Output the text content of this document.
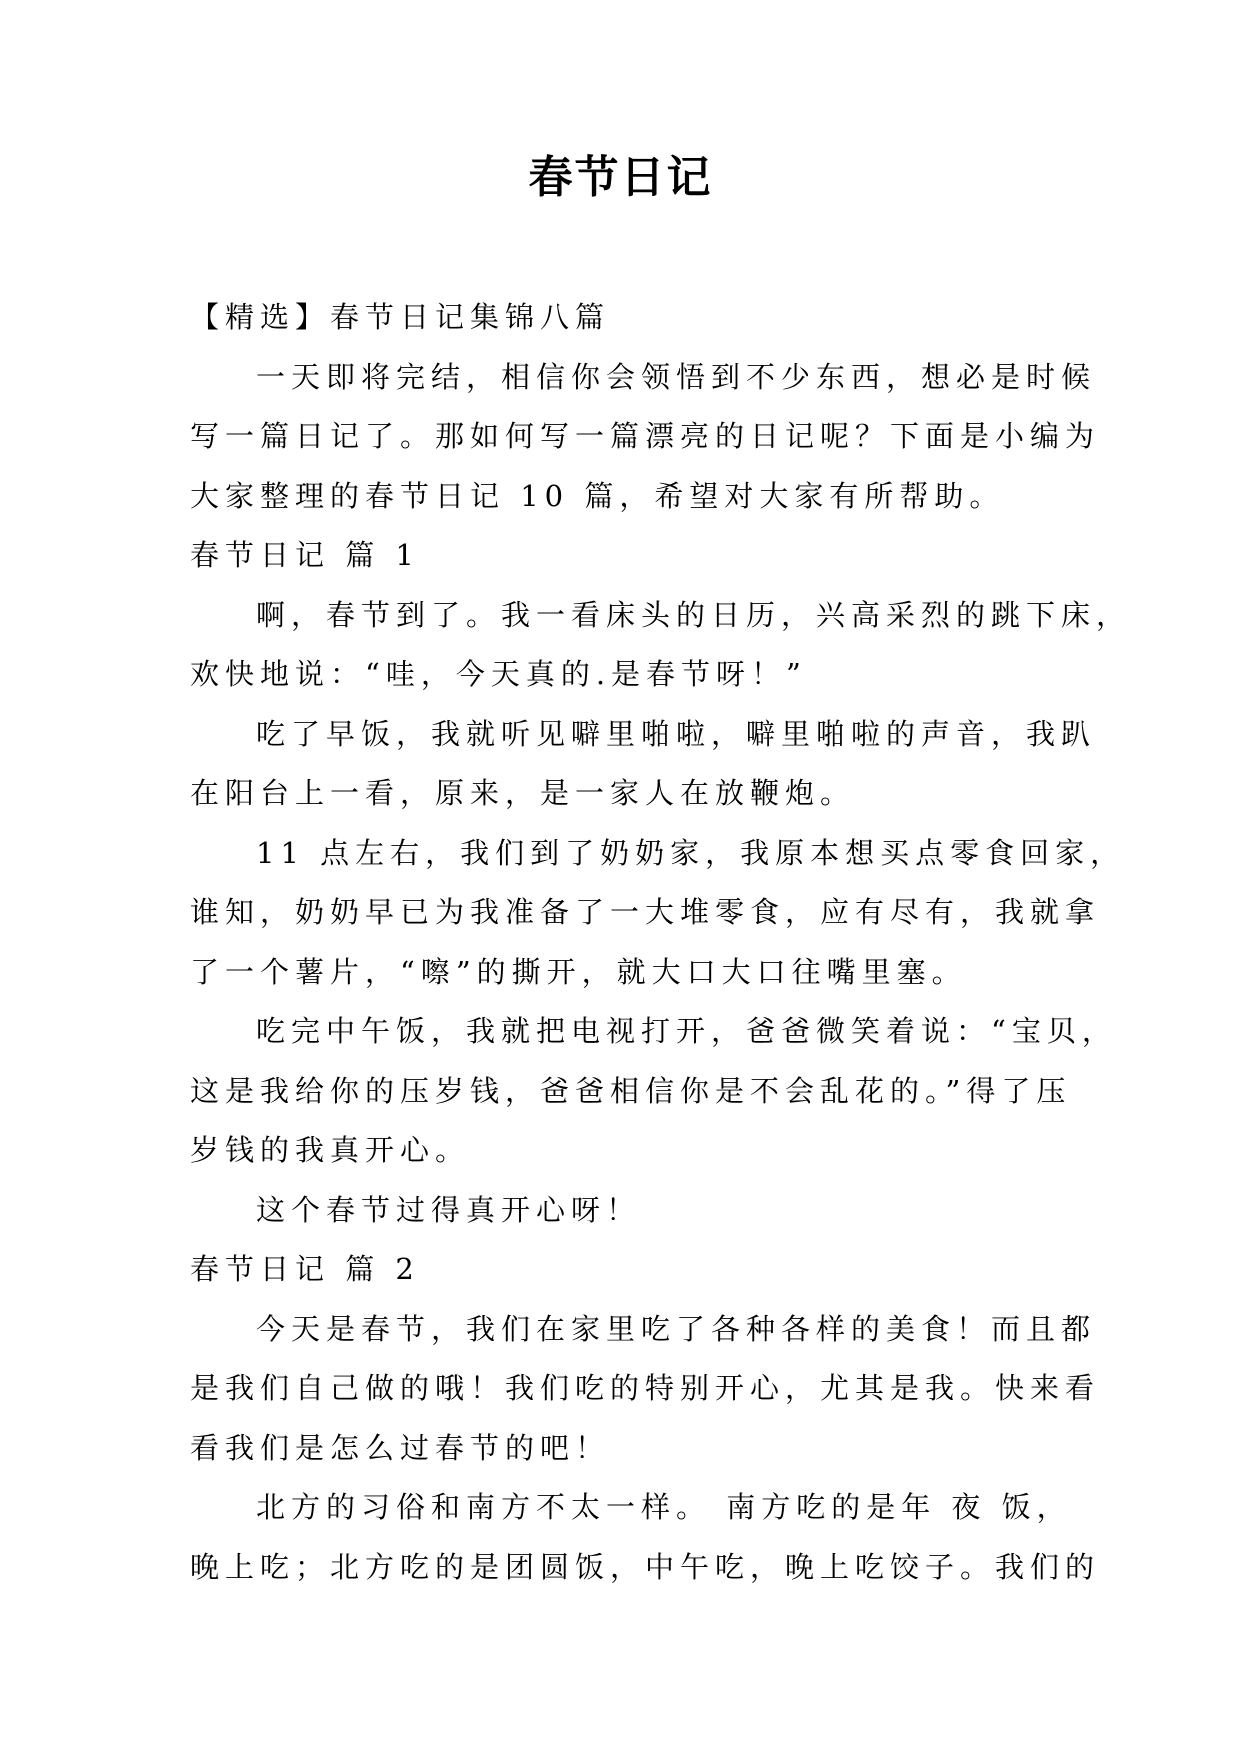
春节日记
【精选】春节日记集锦八篇
一天即将完结，相信你会领悟到不少东西，想必是时候
写一篇日记了。那如何写一篇漂亮的日记呢？下面是小编为
大家整理的春节日记 10 篇，希望对大家有所帮助。
春节日记 篇 1
啊，春节到了。我一看床头的日历，兴高采烈的跳下床，
欢快地说：“哇，今天真的.是春节呀！”
吃了早饭，我就听见噼里啪啦，噼里啪啦的声音，我趴
在阳台上一看，原来，是一家人在放鞭炮。
11 点左右，我们到了奶奶家，我原本想买点零食回家，
谁知，奶奶早已为我准备了一大堆零食，应有尽有，我就拿
了一个薯片，“嚓”的撕开，就大口大口往嘴里塞。
吃完中午饭，我就把电视打开，爸爸微笑着说：“宝贝，
这是我给你的压岁钱，爸爸相信你是不会乱花的。”得了压
岁钱的我真开心。
这个春节过得真开心呀！
春节日记 篇 2
今天是春节，我们在家里吃了各种各样的美食！而且都
是我们自己做的哦！我们吃的特别开心，尤其是我。快来看
看我们是怎么过春节的吧！
北方的习俗和南方不太一样。 南方吃的是年 夜 饭，
晚上吃；北方吃的是团圆饭，中午吃，晚上吃饺子。我们的
